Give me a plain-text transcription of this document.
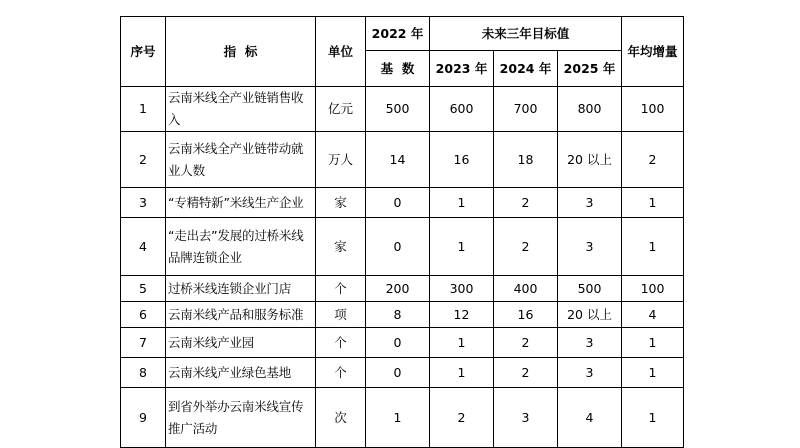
序号	指  标	单位	2022 年	未来三年目标值			年均增量
			基  数	2023 年	2024 年	2025 年	
1	云南米线全产业链销售收入	亿元	500	600	700	800	100
2	云南米线全产业链带动就业人数	万人	14	16	18	20 以上	2
3	“专精特新”米线生产企业	家	0	1	2	3	1
4	“走出去”发展的过桥米线品牌连锁企业	家	0	1	2	3	1
5	过桥米线连锁企业门店	个	200	300	400	500	100
6	云南米线产品和服务标准	项	8	12	16	20 以上	4
7	云南米线产业园	个	0	1	2	3	1
8	云南米线产业绿色基地	个	0	1	2	3	1
9	到省外举办云南米线宣传推广活动	次	1	2	3	4	1
